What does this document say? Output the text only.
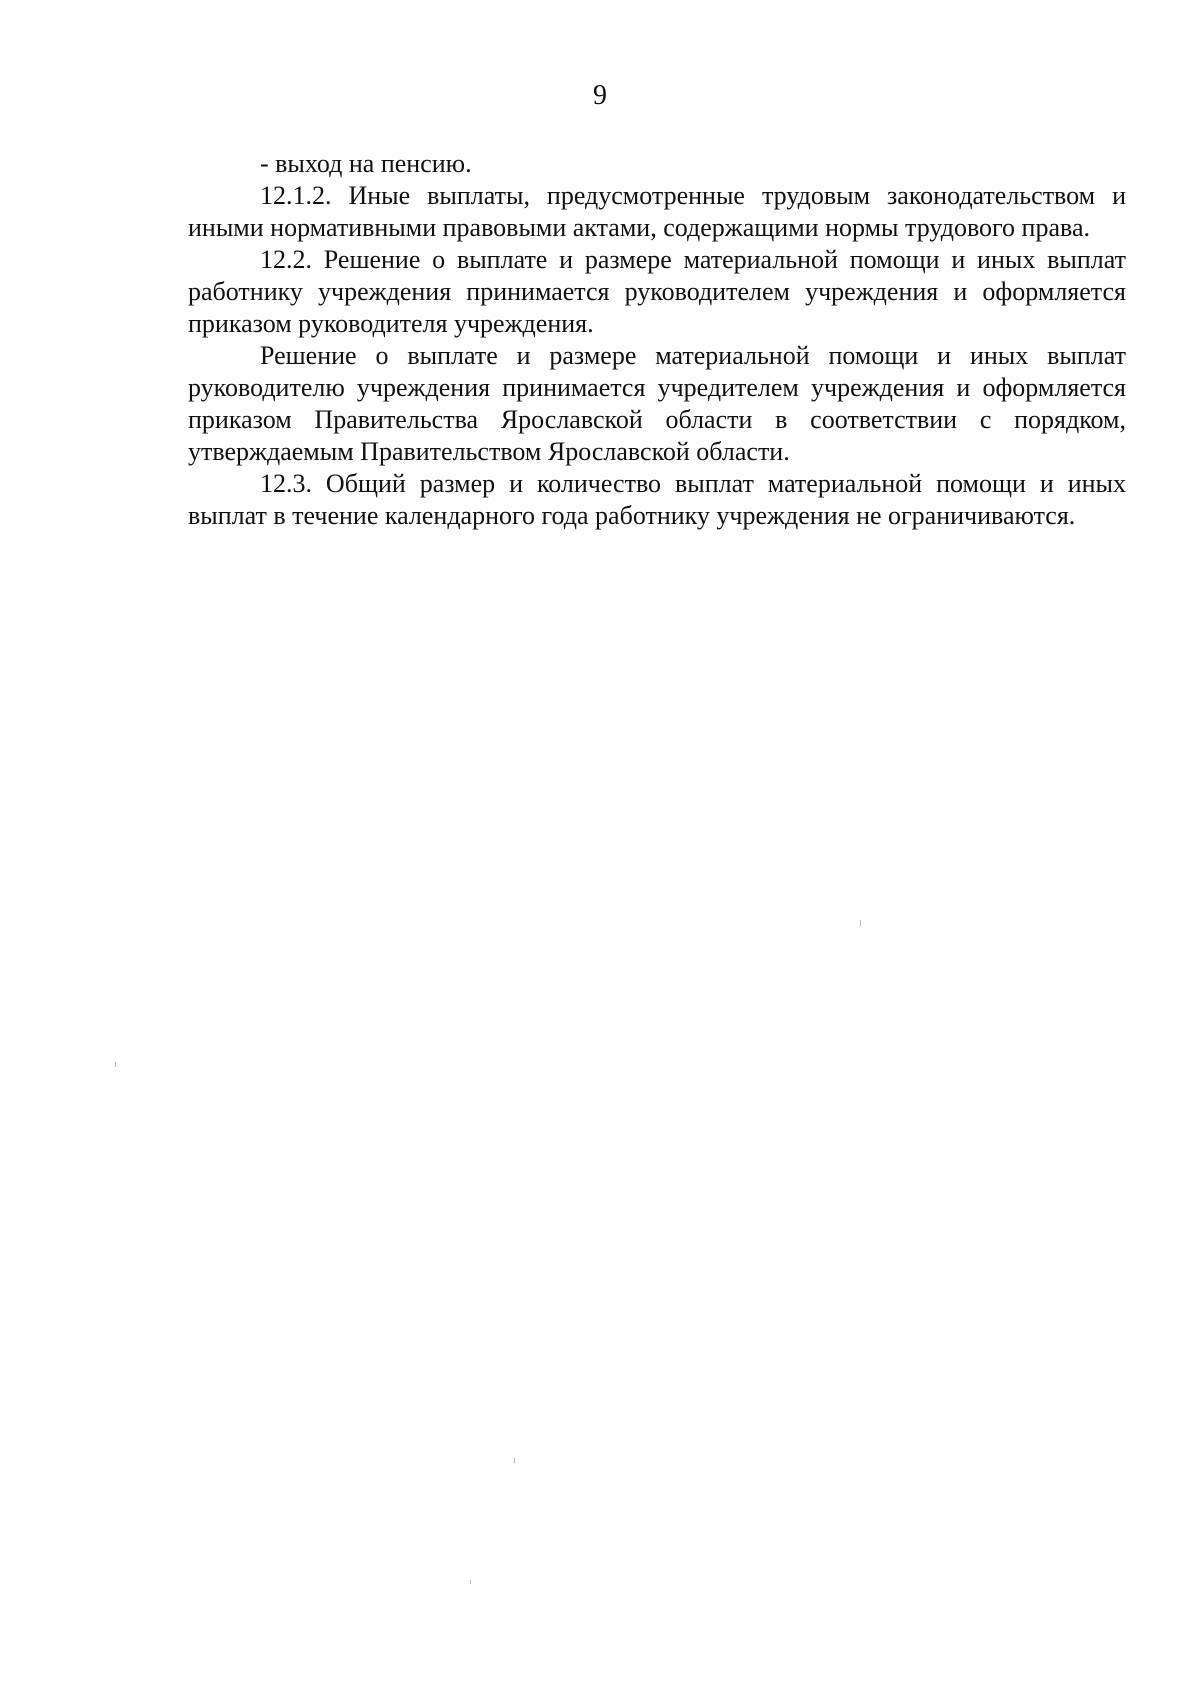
9

- выход на пенсию.

12.1.2. Иные выплаты, предусмотренные трудовым законодательством и иными нормативными правовыми актами, содержащими нормы трудового права.

12.2. Решение о выплате и размере материальной помощи и иных выплат работнику учреждения принимается руководителем учреждения и оформляется приказом руководителя учреждения.

Решение о выплате и размере материальной помощи и иных выплат руководителю учреждения принимается учредителем учреждения и оформляется приказом Правительства Ярославской области в соответствии с порядком, утверждаемым Правительством Ярославской области.

12.3. Общий размер и количество выплат материальной помощи и иных выплат в течение календарного года работнику учреждения не ограничиваются.
